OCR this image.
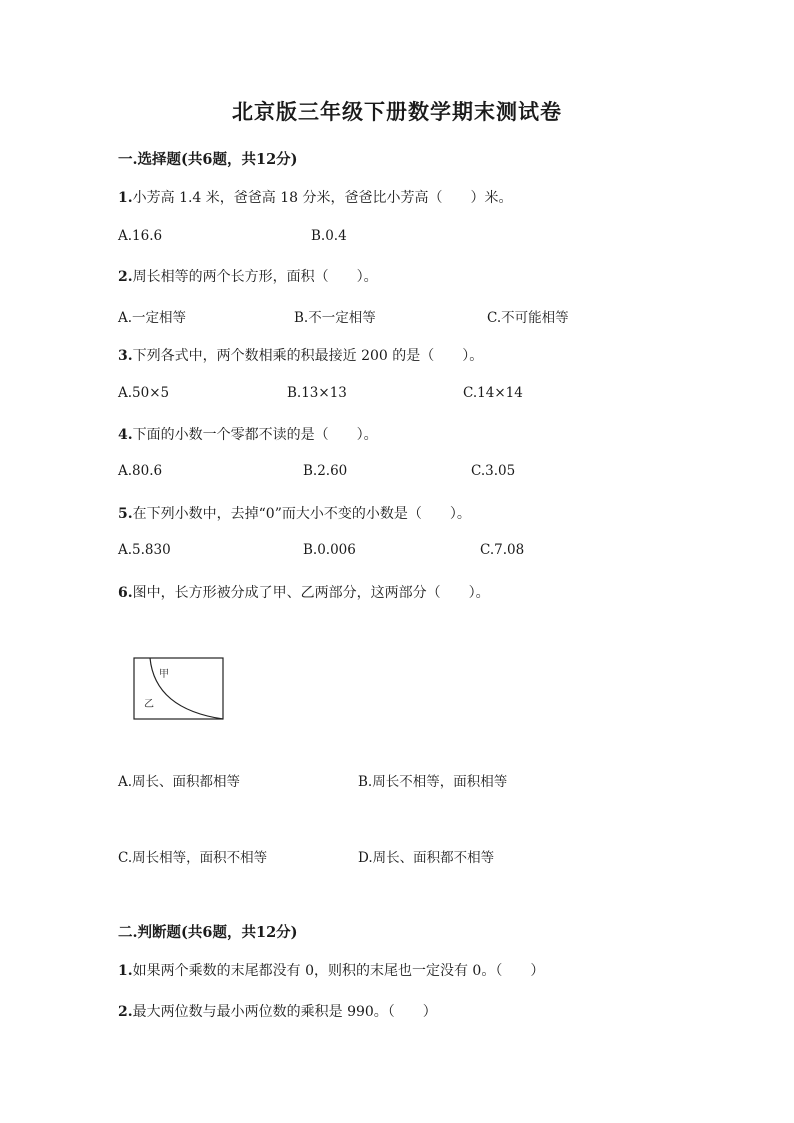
北京版三年级下册数学期末测试卷
一.选择题(共6题，共12分)
1.小芳高 1.4 米，爸爸高 18 分米，爸爸比小芳高（　　）米。
A.16.6	B.0.4
2.周长相等的两个长方形，面积（　　）。
A.一定相等	B.不一定相等	C.不可能相等
3.下列各式中，两个数相乘的积最接近 200 的是（　　）。
A.50×5	B.13×13	C.14×14
4.下面的小数一个零都不读的是（　　）。
A.80.6	B.2.60	C.3.05
5.在下列小数中，去掉“0”而大小不变的小数是（　　）。
A.5.830	B.0.006	C.7.08
6.图中，长方形被分成了甲、乙两部分，这两部分（　　）。
甲
乙
A.周长、面积都相等	B.周长不相等，面积相等
C.周长相等，面积不相等	D.周长、面积都不相等
二.判断题(共6题，共12分)
1.如果两个乘数的末尾都没有 0，则积的末尾也一定没有 0。（　　）
2.最大两位数与最小两位数的乘积是 990。（　　）
